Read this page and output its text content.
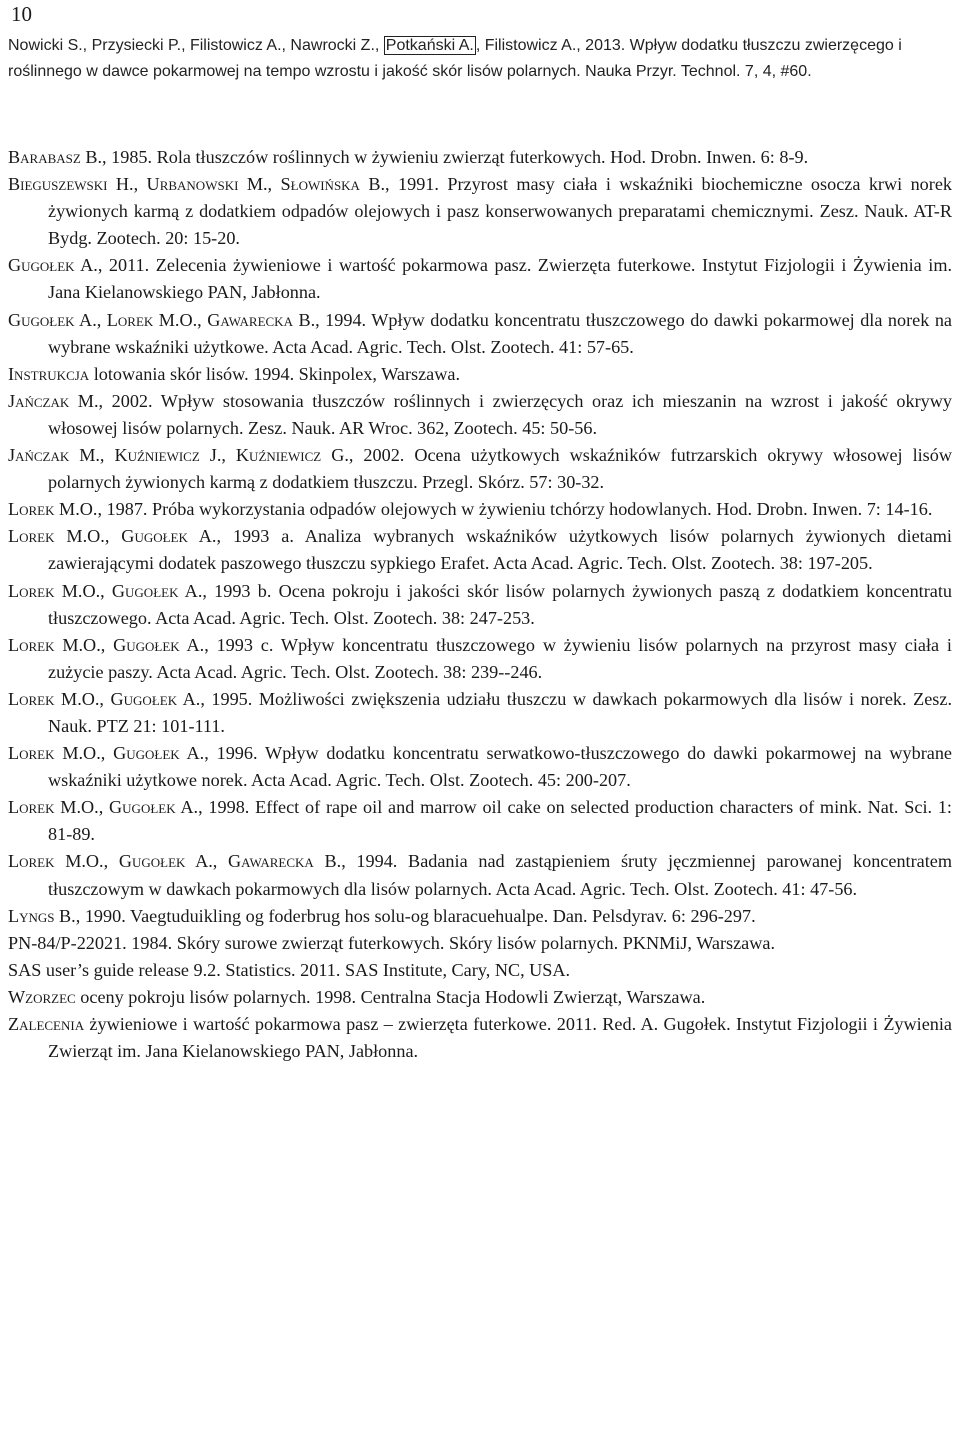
10
Nowicki S., Przysiecki P., Filistowicz A., Nawrocki Z., Potkański A. , Filistowicz A., 2013. Wpływ dodatku tłuszczu zwierzęcego i roślinnego w dawce pokarmowej na tempo wzrostu i jakość skór lisów polarnych. Nauka Przyr. Technol. 7, 4, #60.

Barabasz B., 1985. Rola tłuszczów roślinnych w żywieniu zwierząt futerkowych. Hod. Drobn. Inwen. 6: 8-9.

Bieguszewski H., Urbanowski M., Słowińska B., 1991. Przyrost masy ciała i wskaźniki biochemiczne osocza krwi norek żywionych karmą z dodatkiem odpadów olejowych i pasz konserwowanych preparatami chemicznymi. Zesz. Nauk. AT-R Bydg. Zootech. 20: 15-20.

Gugołek A., 2011. Zelecenia żywieniowe i wartość pokarmowa pasz. Zwierzęta futerkowe. Instytut Fizjologii i Żywienia im. Jana Kielanowskiego PAN, Jabłonna.

Gugołek A., Lorek M.O., Gawarecka B., 1994. Wpływ dodatku koncentratu tłuszczowego do dawki pokarmowej dla norek na wybrane wskaźniki użytkowe. Acta Acad. Agric. Tech. Olst. Zootech. 41: 57-65.

Instrukcja lotowania skór lisów. 1994. Skinpolex, Warszawa.

Jańczak M., 2002. Wpływ stosowania tłuszczów roślinnych i zwierzęcych oraz ich mieszanin na wzrost i jakość okrywy włosowej lisów polarnych. Zesz. Nauk. AR Wroc. 362, Zootech. 45: 50-56.

Jańczak M., Kuźniewicz J., Kuźniewicz G., 2002. Ocena użytkowych wskaźników futrzarskich okrywy włosowej lisów polarnych żywionych karmą z dodatkiem tłuszczu. Przegl. Skórz. 57: 30-32.

Lorek M.O., 1987. Próba wykorzystania odpadów olejowych w żywieniu tchórzy hodowlanych. Hod. Drobn. Inwen. 7: 14-16.

Lorek M.O., Gugołek A., 1993 a. Analiza wybranych wskaźników użytkowych lisów polarnych żywionych dietami zawierającymi dodatek paszowego tłuszczu sypkiego Erafet. Acta Acad. Agric. Tech. Olst. Zootech. 38: 197-205.

Lorek M.O., Gugołek A., 1993 b. Ocena pokroju i jakości skór lisów polarnych żywionych paszą z dodatkiem koncentratu tłuszczowego. Acta Acad. Agric. Tech. Olst. Zootech. 38: 247-253.

Lorek M.O., Gugołek A., 1993 c. Wpływ koncentratu tłuszczowego w żywieniu lisów polarnych na przyrost masy ciała i zużycie paszy. Acta Acad. Agric. Tech. Olst. Zootech. 38: 239--246.

Lorek M.O., Gugołek A., 1995. Możliwości zwiększenia udziału tłuszczu w dawkach pokarmowych dla lisów i norek. Zesz. Nauk. PTZ 21: 101-111.

Lorek M.O., Gugołek A., 1996. Wpływ dodatku koncentratu serwatkowo-tłuszczowego do dawki pokarmowej na wybrane wskaźniki użytkowe norek. Acta Acad. Agric. Tech. Olst. Zootech. 45: 200-207.

Lorek M.O., Gugołek A., 1998. Effect of rape oil and marrow oil cake on selected production characters of mink. Nat. Sci. 1: 81-89.

Lorek M.O., Gugołek A., Gawarecka B., 1994. Badania nad zastąpieniem śruty jęczmiennej parowanej koncentratem tłuszczowym w dawkach pokarmowych dla lisów polarnych. Acta Acad. Agric. Tech. Olst. Zootech. 41: 47-56.

Lyngs B., 1990. Vaegtuduikling og foderbrug hos solu-og blaracuehualpe. Dan. Pelsdyrav. 6: 296-297.

PN-84/P-22021. 1984. Skóry surowe zwierząt futerkowych. Skóry lisów polarnych. PKNMiJ, Warszawa.

SAS user’s guide release 9.2. Statistics. 2011. SAS Institute, Cary, NC, USA.

Wzorzec oceny pokroju lisów polarnych. 1998. Centralna Stacja Hodowli Zwierząt, Warszawa.

Zalecenia żywieniowe i wartość pokarmowa pasz – zwierzęta futerkowe. 2011. Red. A. Gugołek. Instytut Fizjologii i Żywienia Zwierząt im. Jana Kielanowskiego PAN, Jabłonna.
